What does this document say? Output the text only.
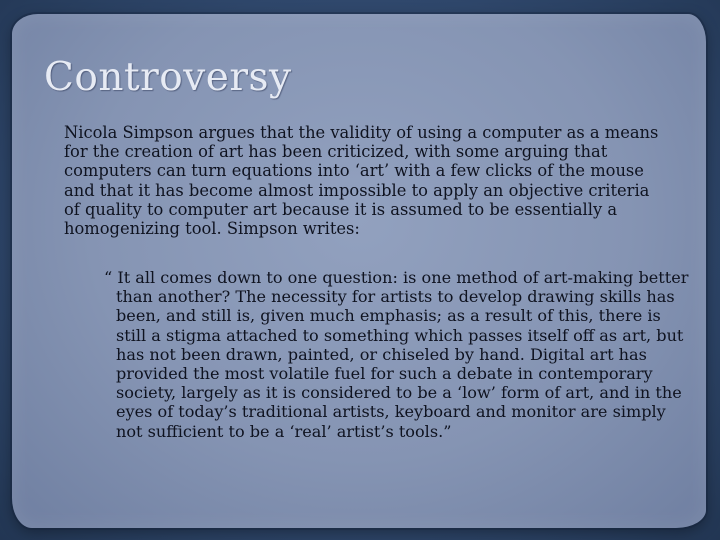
Controversy

Nicola Simpson argues that the validity of using a computer as a means for the creation of art has been criticized, with some arguing that computers can turn equations into ‘art’ with a few clicks of the mouse and that it has become almost impossible to apply an objective criteria of quality to computer art because it is assumed to be essentially a homogenizing tool. Simpson writes:

“ It all comes down to one question: is one method of art-making better than another? The necessity for artists to develop drawing skills has been, and still is, given much emphasis; as a result of this, there is still a stigma attached to something which passes itself off as art, but has not been drawn, painted, or chiseled by hand. Digital art has provided the most volatile fuel for such a debate in contemporary society, largely as it is considered to be a ‘low’ form of art, and in the eyes of today’s traditional artists, keyboard and monitor are simply not sufficient to be a ‘real’ artist’s tools.”
